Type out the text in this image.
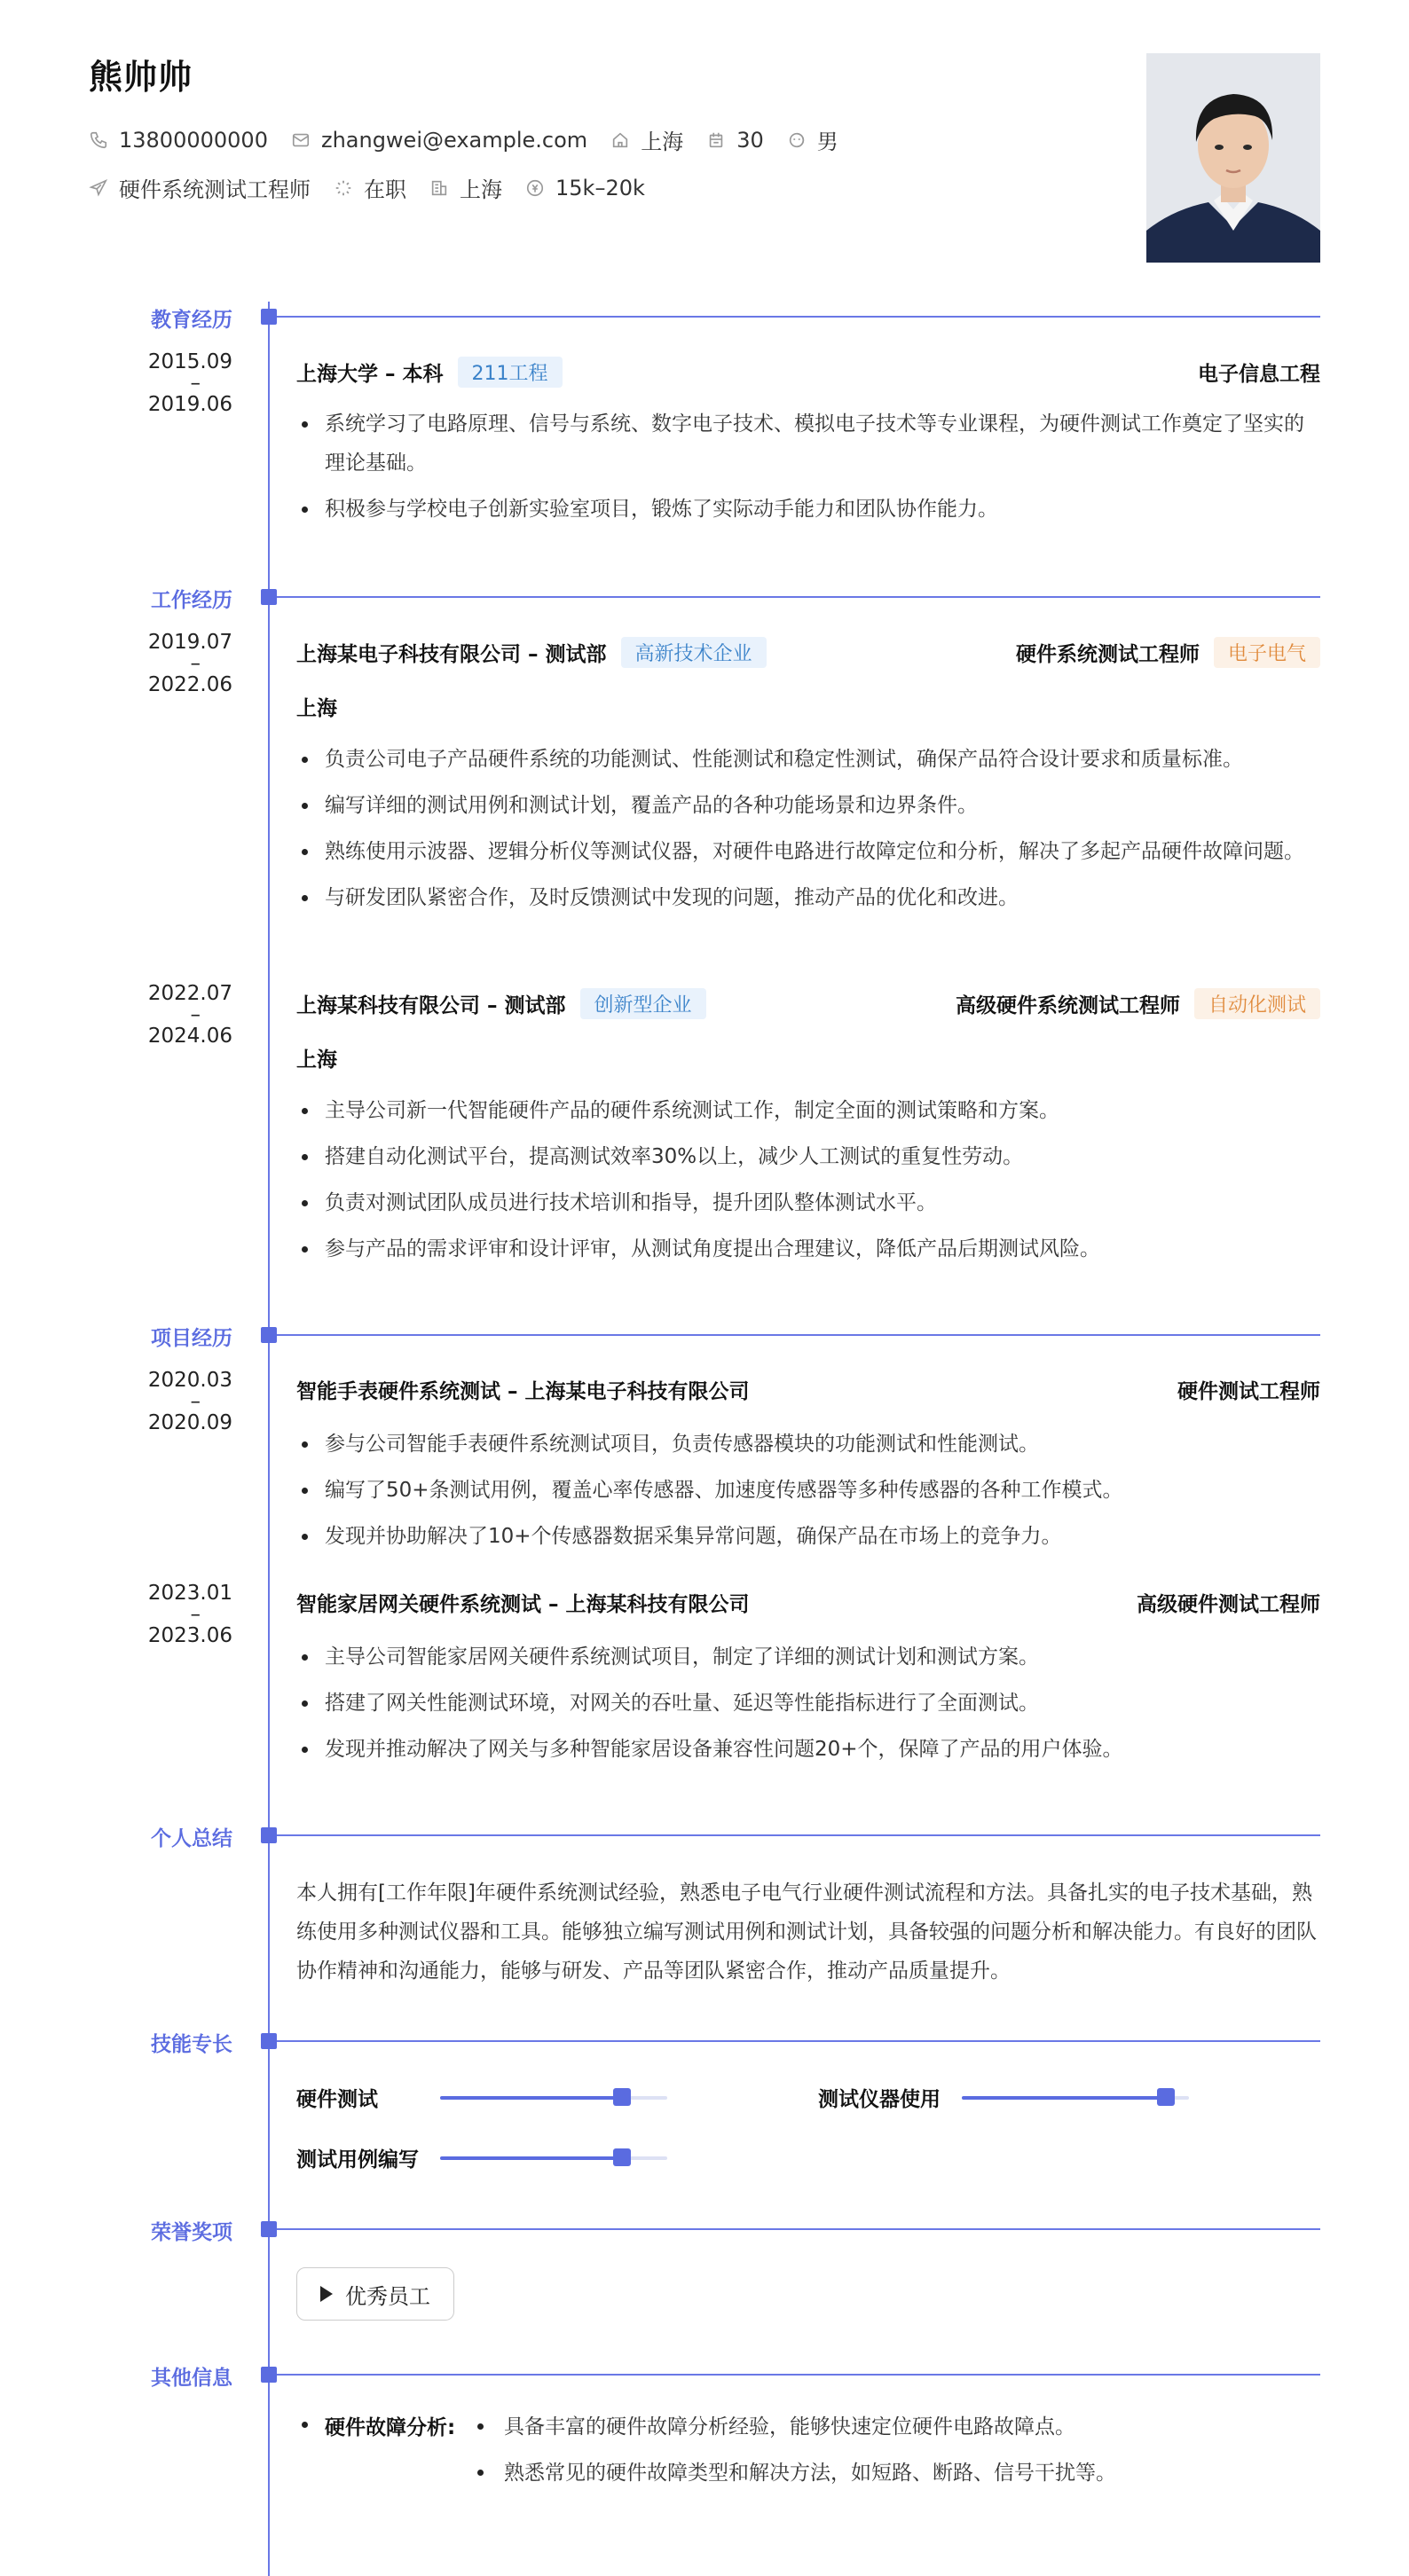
熊帅帅
13800000000	zhangwei@example.com	上海	30	男
硬件系统测试工程师	在职	上海	15k–20k
教育经历
2015.09
–
2019.06
上海大学 – 本科	211工程	电子信息工程
系统学习了电路原理、信号与系统、数字电子技术、模拟电子技术等专业课程，为硬件测试工作奠定了坚实的理论基础。
积极参与学校电子创新实验室项目，锻炼了实际动手能力和团队协作能力。
工作经历
2019.07
–
2022.06
上海某电子科技有限公司 – 测试部	高新技术企业	硬件系统测试工程师	电子电气
上海
负责公司电子产品硬件系统的功能测试、性能测试和稳定性测试，确保产品符合设计要求和质量标准。
编写详细的测试用例和测试计划，覆盖产品的各种功能场景和边界条件。
熟练使用示波器、逻辑分析仪等测试仪器，对硬件电路进行故障定位和分析，解决了多起产品硬件故障问题。
与研发团队紧密合作，及时反馈测试中发现的问题，推动产品的优化和改进。
2022.07
–
2024.06
上海某科技有限公司 – 测试部	创新型企业	高级硬件系统测试工程师	自动化测试
上海
主导公司新一代智能硬件产品的硬件系统测试工作，制定全面的测试策略和方案。
搭建自动化测试平台，提高测试效率30%以上，减少人工测试的重复性劳动。
负责对测试团队成员进行技术培训和指导，提升团队整体测试水平。
参与产品的需求评审和设计评审，从测试角度提出合理建议，降低产品后期测试风险。
项目经历
2020.03
–
2020.09
智能手表硬件系统测试 – 上海某电子科技有限公司	硬件测试工程师
参与公司智能手表硬件系统测试项目，负责传感器模块的功能测试和性能测试。
编写了50+条测试用例，覆盖心率传感器、加速度传感器等多种传感器的各种工作模式。
发现并协助解决了10+个传感器数据采集异常问题，确保产品在市场上的竞争力。
2023.01
–
2023.06
智能家居网关硬件系统测试 – 上海某科技有限公司	高级硬件测试工程师
主导公司智能家居网关硬件系统测试项目，制定了详细的测试计划和测试方案。
搭建了网关性能测试环境，对网关的吞吐量、延迟等性能指标进行了全面测试。
发现并推动解决了网关与多种智能家居设备兼容性问题20+个，保障了产品的用户体验。
个人总结
本人拥有[工作年限]年硬件系统测试经验，熟悉电子电气行业硬件测试流程和方法。具备扎实的电子技术基础，熟练使用多种测试仪器和工具。能够独立编写测试用例和测试计划，具备较强的问题分析和解决能力。有良好的团队协作精神和沟通能力，能够与研发、产品等团队紧密合作，推动产品质量提升。
技能专长
硬件测试	测试仪器使用
测试用例编写
荣誉奖项
优秀员工
其他信息
硬件故障分析:	具备丰富的硬件故障分析经验，能够快速定位硬件电路故障点。
熟悉常见的硬件故障类型和解决方法，如短路、断路、信号干扰等。
